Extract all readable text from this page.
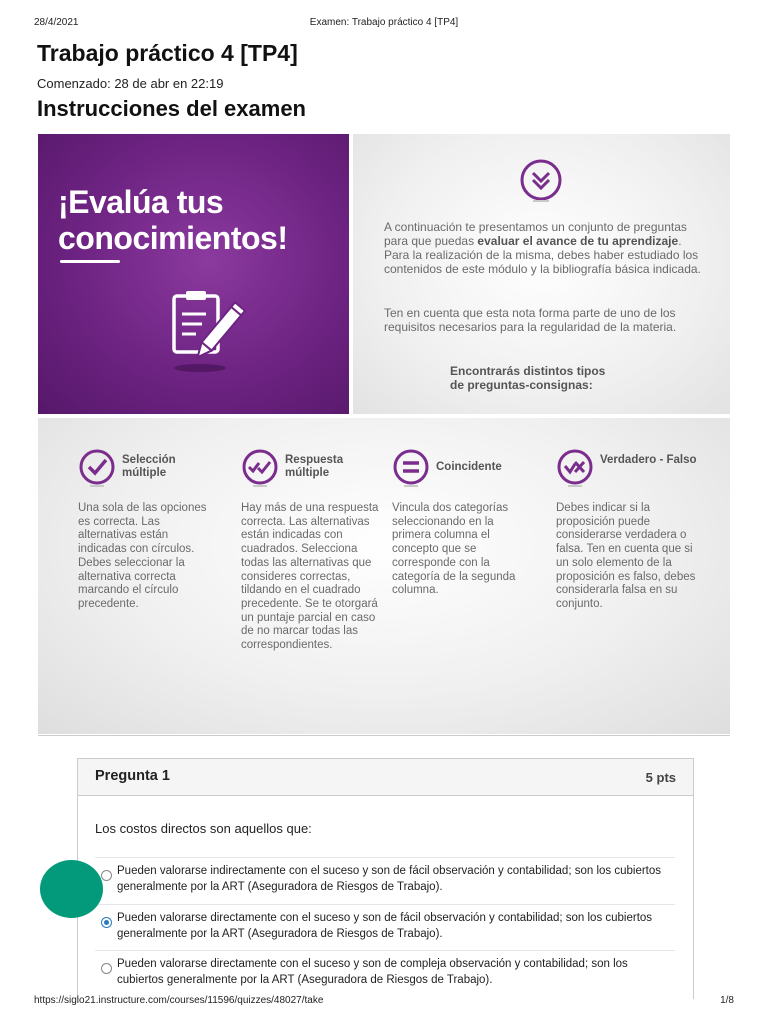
28/4/2021	Examen: Trabajo práctico 4 [TP4]
Trabajo práctico 4 [TP4]
Comenzado: 28 de abr en 22:19
Instrucciones del examen
¡Evalúa tus
conocimientos!	A continuación te presentamos un conjunto de preguntas para que puedas evaluar el avance de tu aprendizaje. Para la realización de la misma, debes haber estudiado los contenidos de este módulo y la bibliografía básica indicada.

Ten en cuenta que esta nota forma parte de uno de los requisitos necesarios para la regularidad de la materia.

Encontrarás distintos tipos
de preguntas-consignas:

Selección múltiple

Una sola de las opciones es correcta. Las alternativas están indicadas con círculos. Debes seleccionar la alternativa correcta marcando el círculo precedente.

Respuesta múltiple

Hay más de una respuesta correcta. Las alternativas están indicadas con cuadrados. Selecciona todas las alternativas que consideres correctas, tildando en el cuadrado precedente. Se te otorgará un puntaje parcial en caso de no marcar todas las correspondientes.

Coincidente

Vincula dos categorías seleccionando en la primera columna el concepto que se corresponde con la categoría de la segunda columna.

Verdadero - Falso

Debes indicar si la proposición puede considerarse verdadera o falsa. Ten en cuenta que si un solo elemento de la proposición es falso, debes considerarla falsa en su conjunto.

Pregunta 1	5 pts

Los costos directos son aquellos que:

Pueden valorarse indirectamente con el suceso y son de fácil observación y contabilidad; son los cubiertos generalmente por la ART (Aseguradora de Riesgos de Trabajo).
Pueden valorarse directamente con el suceso y son de fácil observación y contabilidad; son los cubiertos generalmente por la ART (Aseguradora de Riesgos de Trabajo).
Pueden valorarse directamente con el suceso y son de compleja observación y contabilidad; son los cubiertos generalmente por la ART (Aseguradora de Riesgos de Trabajo).
https://siglo21.instructure.com/courses/11596/quizzes/48027/take	1/8
